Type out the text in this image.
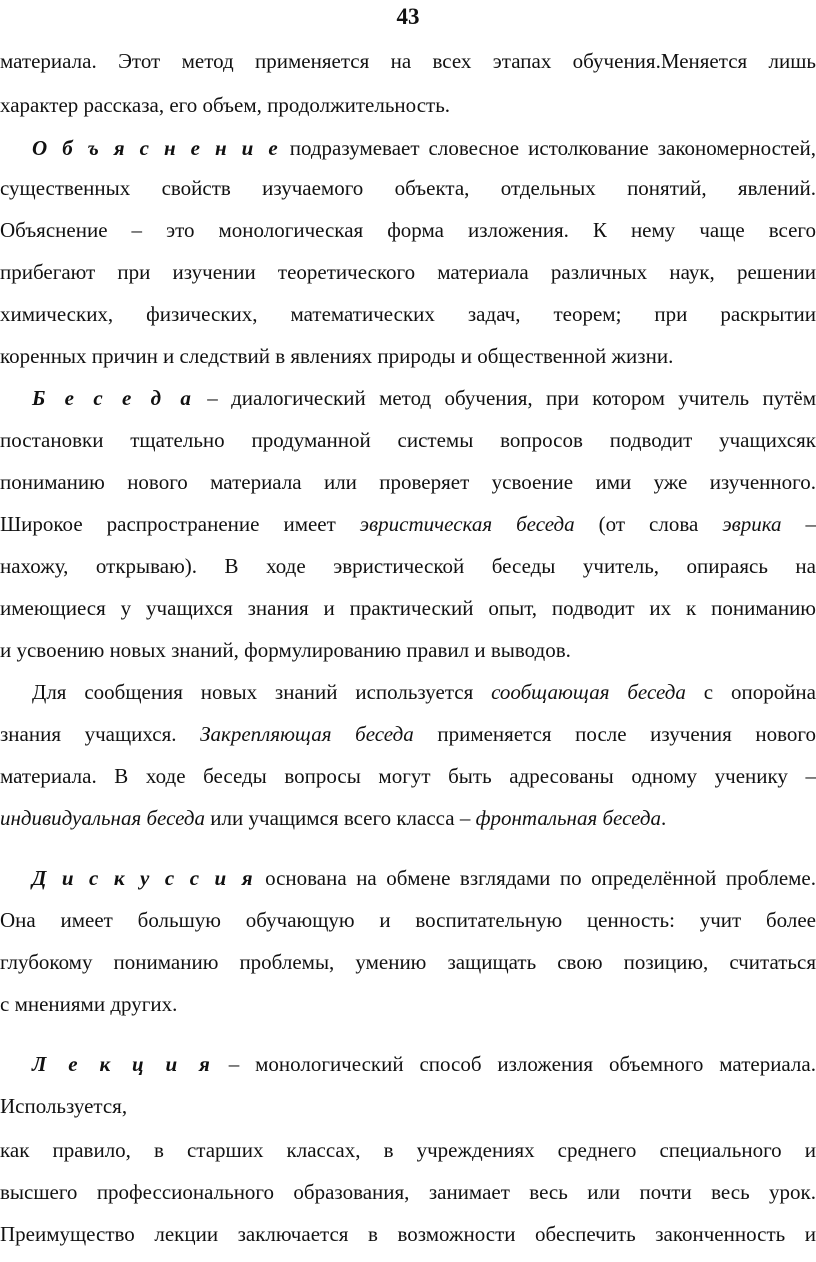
43
материала. Этот метод применяется на всех этапах обучения.Меняется лишь
характер рассказа, его объем, продолжительность.
О б ъ я с н е н и е подразумевает словесное истолкование закономерностей,
существенных свойств изучаемого объекта, отдельных понятий, явлений.
Объяснение – это монологическая форма изложения. К нему чаще всего
прибегают при изучении теоретического материала различных наук, решении
химических, физических, математических задач, теорем; при раскрытии
коренных причин и следствий в явлениях природы и общественной жизни.
Б е с е д а – диалогический метод обучения, при котором учитель путём
постановки тщательно продуманной системы вопросов подводит учащихсяк
пониманию нового материала или проверяет усвоение ими уже изученного.
Широкое распространение имеет эвристическая беседа (от слова эврика –
нахожу, открываю). В ходе эвристической беседы учитель, опираясь на
имеющиеся у учащихся знания и практический опыт, подводит их к пониманию
и усвоению новых знаний, формулированию правил и выводов.
Для сообщения новых знаний используется сообщающая беседа с опоройна
знания учащихся. Закрепляющая беседа применяется после изучения нового
материала. В ходе беседы вопросы могут быть адресованы одному ученику –
индивидуальная беседа или учащимся всего класса – фронтальная беседа.
Д и с к у с с и я основана на обмене взглядами по определённой проблеме.
Она имеет большую обучающую и воспитательную ценность: учит более
глубокому пониманию проблемы, умению защищать свою позицию, считаться
с мнениями других.
Л е к ц и я – монологический способ изложения объемного материала.
Используется,
как правило, в старших классах, в учреждениях среднего специального и
высшего профессионального образования, занимает весь или почти весь урок.
Преимущество лекции заключается в возможности обеспечить законченность и
